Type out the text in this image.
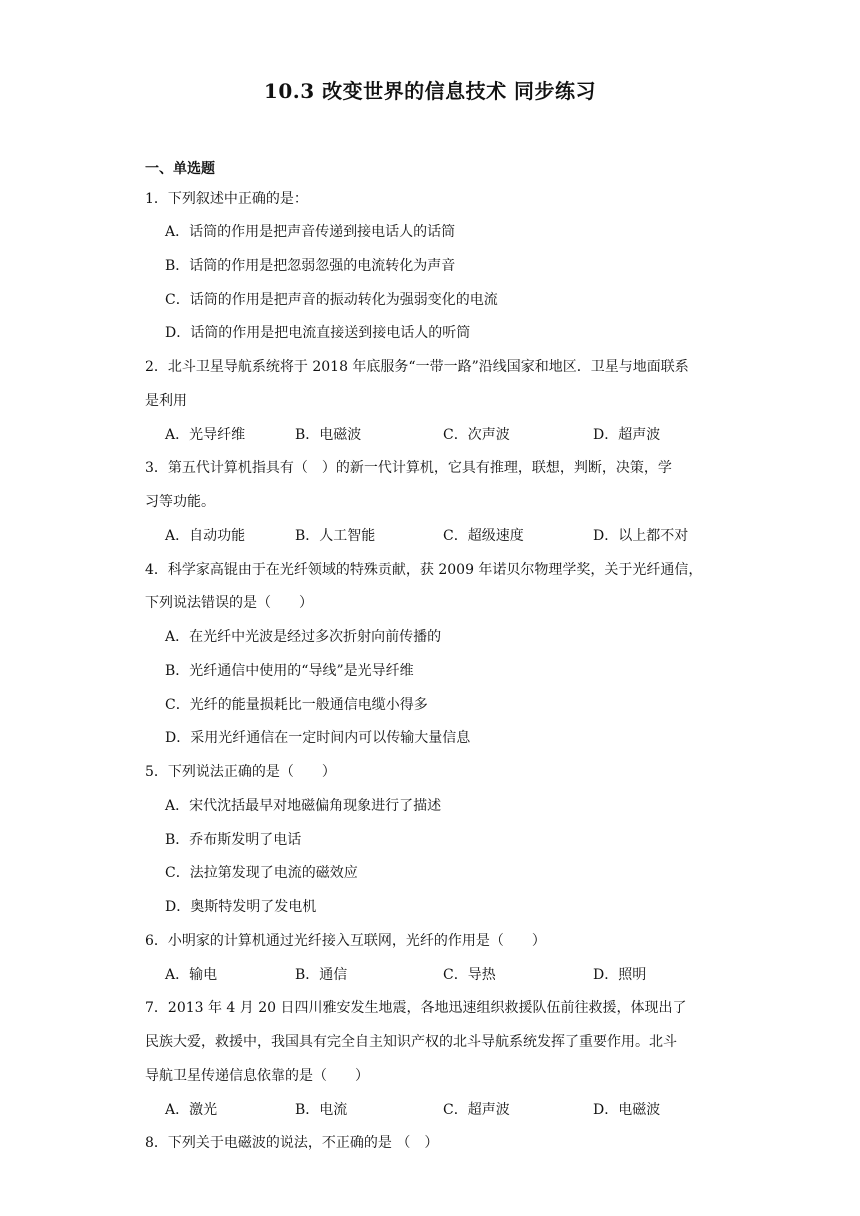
10.3 改变世界的信息技术 同步练习
一、单选题
1．下列叙述中正确的是：
A．话筒的作用是把声音传递到接电话人的话筒
B．话筒的作用是把忽弱忽强的电流转化为声音
C．话筒的作用是把声音的振动转化为强弱变化的电流
D．话筒的作用是把电流直接送到接电话人的听筒
2．北斗卫星导航系统将于 2018 年底服务“一带一路”沿线国家和地区．卫星与地面联系
是利用
A．光导纤维	B．电磁波	C．次声波	D．超声波
3．第五代计算机指具有（　）的新一代计算机，它具有推理，联想，判断，决策，学
习等功能。
A．自动功能	B．人工智能	C．超级速度	D．以上都不对
4．科学家高锟由于在光纤领域的特殊贡献，获 2009 年诺贝尔物理学奖，关于光纤通信，
下列说法错误的是（　　）
A．在光纤中光波是经过多次折射向前传播的
B．光纤通信中使用的“导线”是光导纤维
C．光纤的能量损耗比一般通信电缆小得多
D．采用光纤通信在一定时间内可以传输大量信息
5．下列说法正确的是（　　）
A．宋代沈括最早对地磁偏角现象进行了描述
B．乔布斯发明了电话
C．法拉第发现了电流的磁效应
D．奥斯特发明了发电机
6．小明家的计算机通过光纤接入互联网，光纤的作用是（　　）
A．输电	B．通信	C．导热	D．照明
7．2013 年 4 月 20 日四川雅安发生地震，各地迅速组织救援队伍前往救援，体现出了
民族大爱，救援中，我国具有完全自主知识产权的北斗导航系统发挥了重要作用。北斗
导航卫星传递信息依靠的是（　　）
A．激光	B．电流	C．超声波	D．电磁波
8．下列关于电磁波的说法，不正确的是 （　）
